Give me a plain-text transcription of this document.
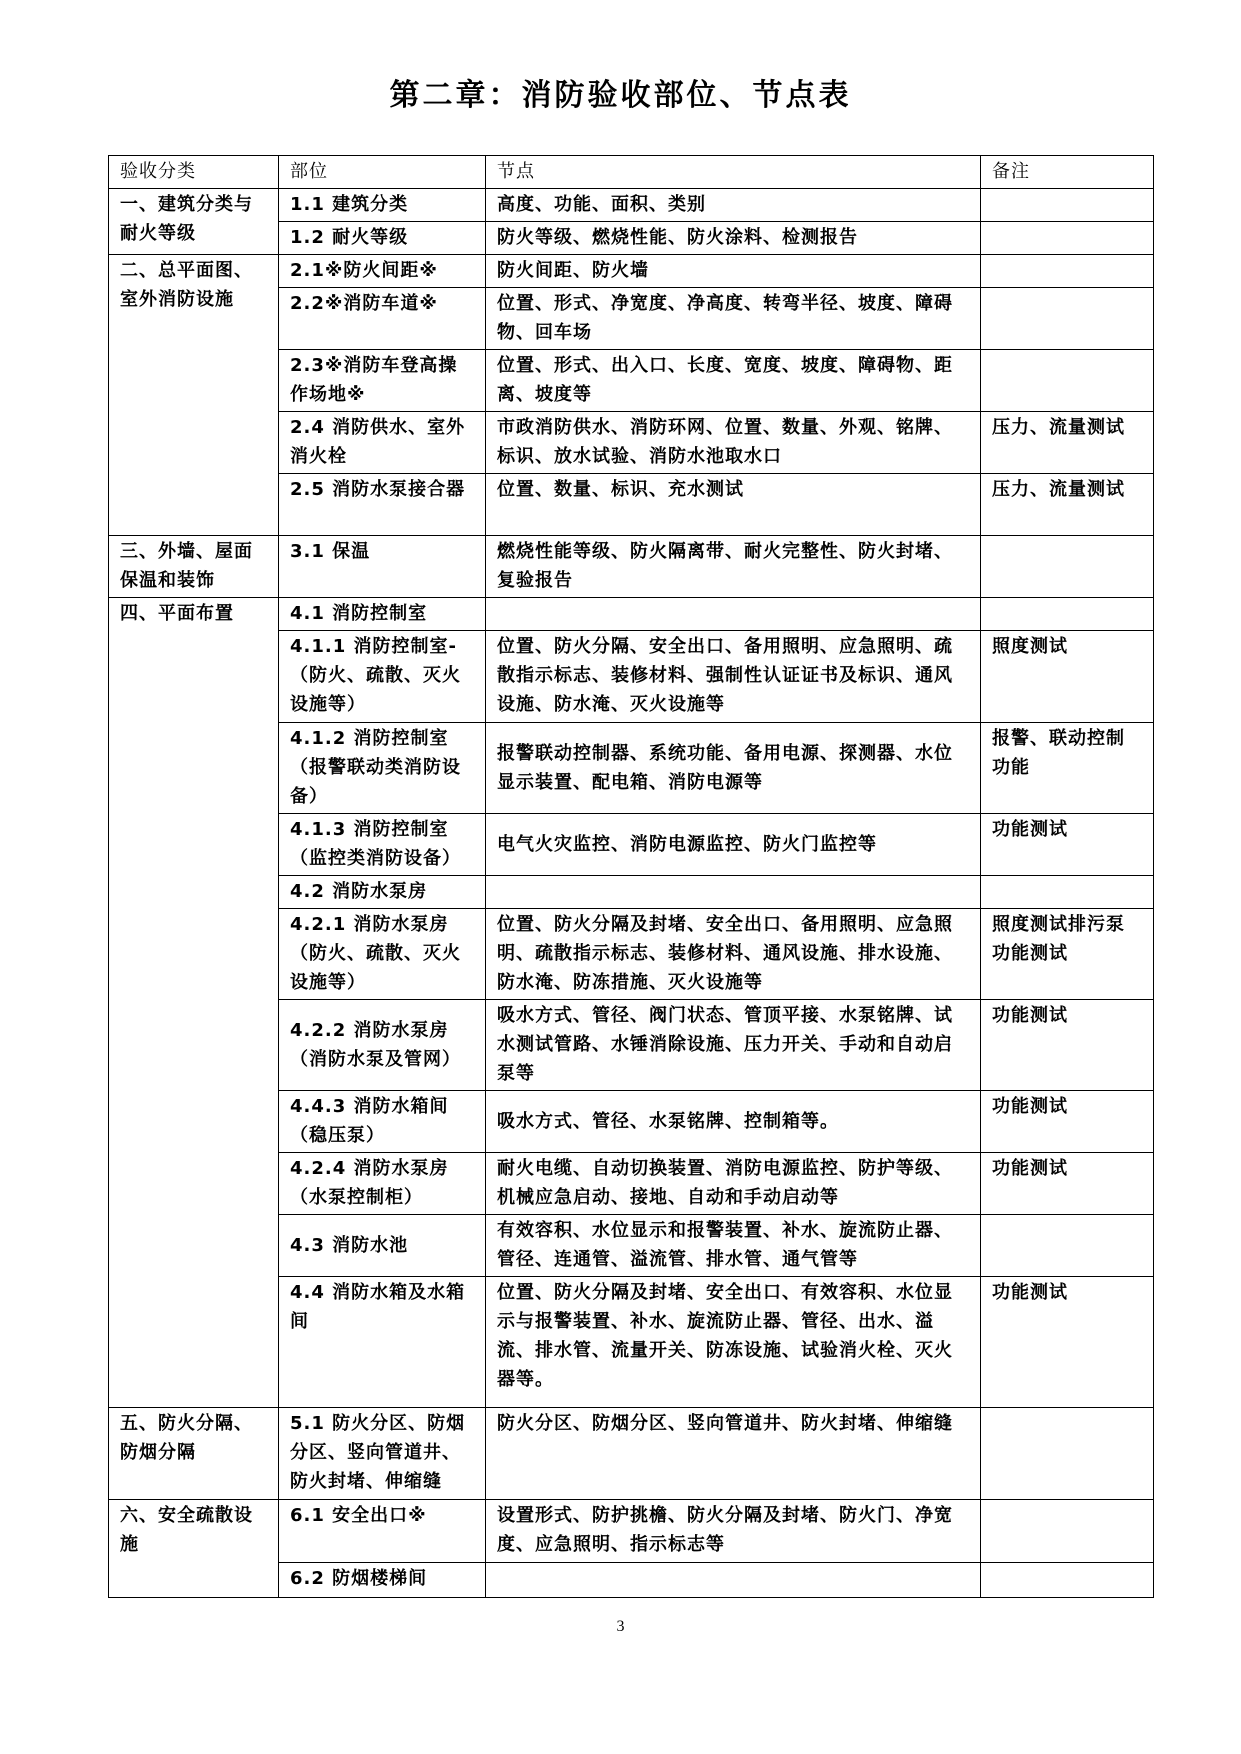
第二章：消防验收部位、节点表
验收分类	部位	节点	备注
一、建筑分类与耐火等级	1.1 建筑分类	高度、功能、面积、类别	
	1.2 耐火等级	防火等级、燃烧性能、防火涂料、检测报告	
二、总平面图、室外消防设施	2.1※防火间距※	防火间距、防火墙	
	2.2※消防车道※	位置、形式、净宽度、净高度、转弯半径、坡度、障碍物、回车场	
	2.3※消防车登高操作场地※	位置、形式、出入口、长度、宽度、坡度、障碍物、距离、坡度等	
	2.4 消防供水、室外消火栓	市政消防供水、消防环网、位置、数量、外观、铭牌、标识、放水试验、消防水池取水口	压力、流量测试
	2.5 消防水泵接合器	位置、数量、标识、充水测试	压力、流量测试
三、外墙、屋面保温和装饰	3.1 保温	燃烧性能等级、防火隔离带、耐火完整性、防火封堵、复验报告	
四、平面布置	4.1 消防控制室		
	4.1.1 消防控制室-（防火、疏散、灭火设施等）	位置、防火分隔、安全出口、备用照明、应急照明、疏散指示标志、装修材料、强制性认证证书及标识、通风设施、防水淹、灭火设施等	照度测试
	4.1.2 消防控制室（报警联动类消防设备）	报警联动控制器、系统功能、备用电源、探测器、水位显示装置、配电箱、消防电源等	报警、联动控制功能
	4.1.3 消防控制室（监控类消防设备）	电气火灾监控、消防电源监控、防火门监控等	功能测试
	4.2 消防水泵房		
	4.2.1 消防水泵房（防火、疏散、灭火设施等）	位置、防火分隔及封堵、安全出口、备用照明、应急照明、疏散指示标志、装修材料、通风设施、排水设施、防水淹、防冻措施、灭火设施等	照度测试排污泵功能测试
	4.2.2 消防水泵房（消防水泵及管网）	吸水方式、管径、阀门状态、管顶平接、水泵铭牌、试水测试管路、水锤消除设施、压力开关、手动和自动启泵等	功能测试
	4.4.3 消防水箱间（稳压泵）	吸水方式、管径、水泵铭牌、控制箱等。	功能测试
	4.2.4 消防水泵房（水泵控制柜）	耐火电缆、自动切换装置、消防电源监控、防护等级、机械应急启动、接地、自动和手动启动等	功能测试
	4.3 消防水池	有效容积、水位显示和报警装置、补水、旋流防止器、管径、连通管、溢流管、排水管、通气管等	
	4.4 消防水箱及水箱间	位置、防火分隔及封堵、安全出口、有效容积、水位显示与报警装置、补水、旋流防止器、管径、出水、溢流、排水管、流量开关、防冻设施、试验消火栓、灭火器等。	功能测试
五、防火分隔、防烟分隔	5.1 防火分区、防烟分区、竖向管道井、防火封堵、伸缩缝	防火分区、防烟分区、竖向管道井、防火封堵、伸缩缝	
六、安全疏散设施	6.1 安全出口※	设置形式、防护挑檐、防火分隔及封堵、防火门、净宽度、应急照明、指示标志等	
	6.2 防烟楼梯间		
3
